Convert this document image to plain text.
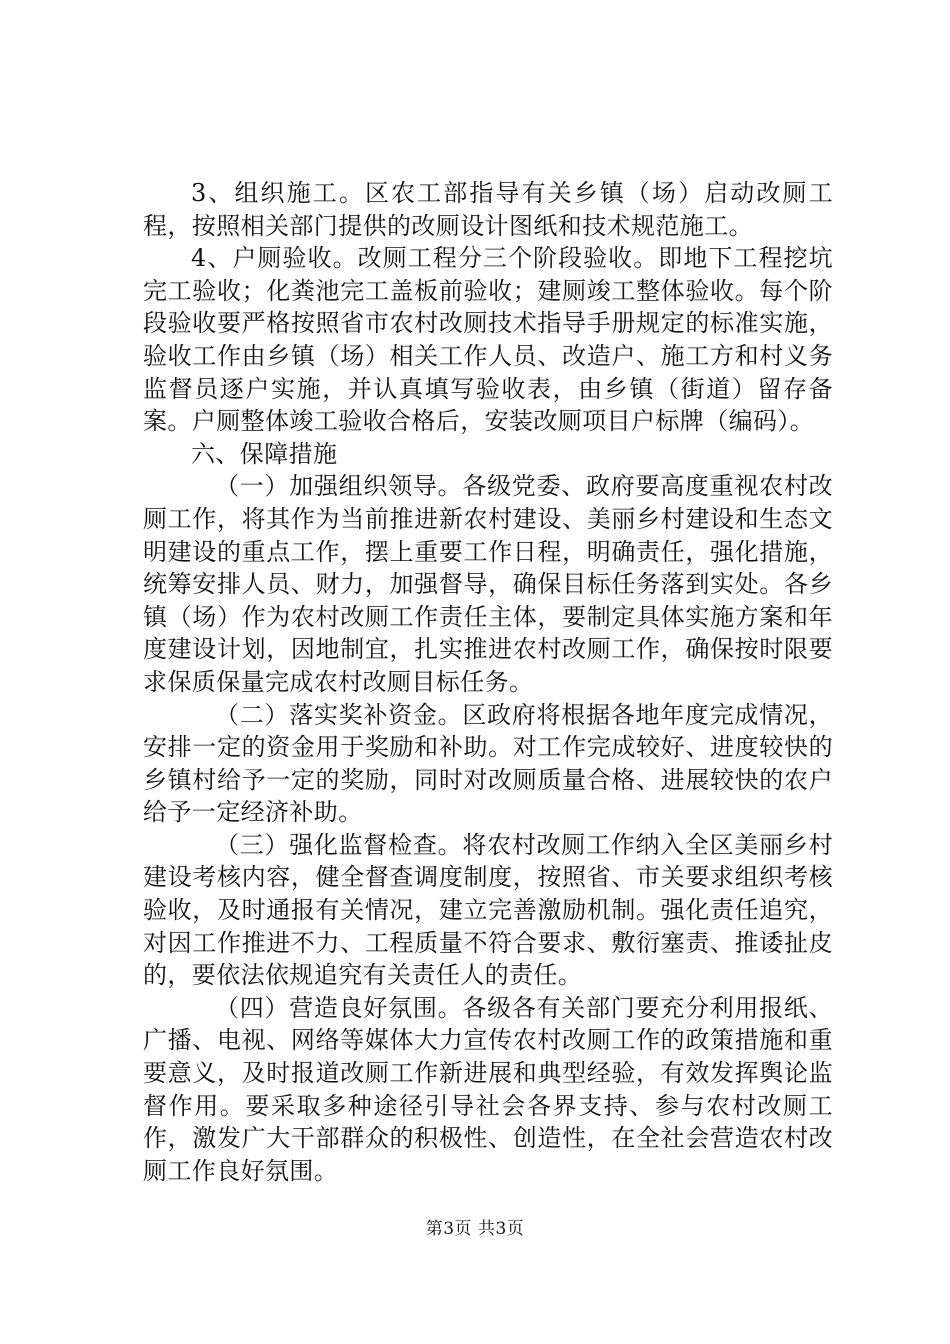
3、组织施工。区农工部指导有关乡镇（场）启动改厕工程，按照相关部门提供的改厕设计图纸和技术规范施工。

4、户厕验收。改厕工程分三个阶段验收。即地下工程挖坑完工验收；化粪池完工盖板前验收；建厕竣工整体验收。每个阶段验收要严格按照省市农村改厕技术指导手册规定的标准实施，验收工作由乡镇（场）相关工作人员、改造户、施工方和村义务监督员逐户实施，并认真填写验收表，由乡镇（街道）留存备案。户厕整体竣工验收合格后，安装改厕项目户标牌（编码）。

六、保障措施

（一）加强组织领导。各级党委、政府要高度重视农村改厕工作，将其作为当前推进新农村建设、美丽乡村建设和生态文明建设的重点工作，摆上重要工作日程，明确责任，强化措施，统筹安排人员、财力，加强督导，确保目标任务落到实处。各乡镇（场）作为农村改厕工作责任主体，要制定具体实施方案和年度建设计划，因地制宜，扎实推进农村改厕工作，确保按时限要求保质保量完成农村改厕目标任务。

（二）落实奖补资金。区政府将根据各地年度完成情况，安排一定的资金用于奖励和补助。对工作完成较好、进度较快的乡镇村给予一定的奖励，同时对改厕质量合格、进展较快的农户给予一定经济补助。

（三）强化监督检查。将农村改厕工作纳入全区美丽乡村建设考核内容，健全督查调度制度，按照省、市关要求组织考核验收，及时通报有关情况，建立完善激励机制。强化责任追究，对因工作推进不力、工程质量不符合要求、敷衍塞责、推诿扯皮的，要依法依规追究有关责任人的责任。

（四）营造良好氛围。各级各有关部门要充分利用报纸、广播、电视、网络等媒体大力宣传农村改厕工作的政策措施和重要意义，及时报道改厕工作新进展和典型经验，有效发挥舆论监督作用。要采取多种途径引导社会各界支持、参与农村改厕工作，激发广大干部群众的积极性、创造性，在全社会营造农村改厕工作良好氛围。

第3页 共3页
